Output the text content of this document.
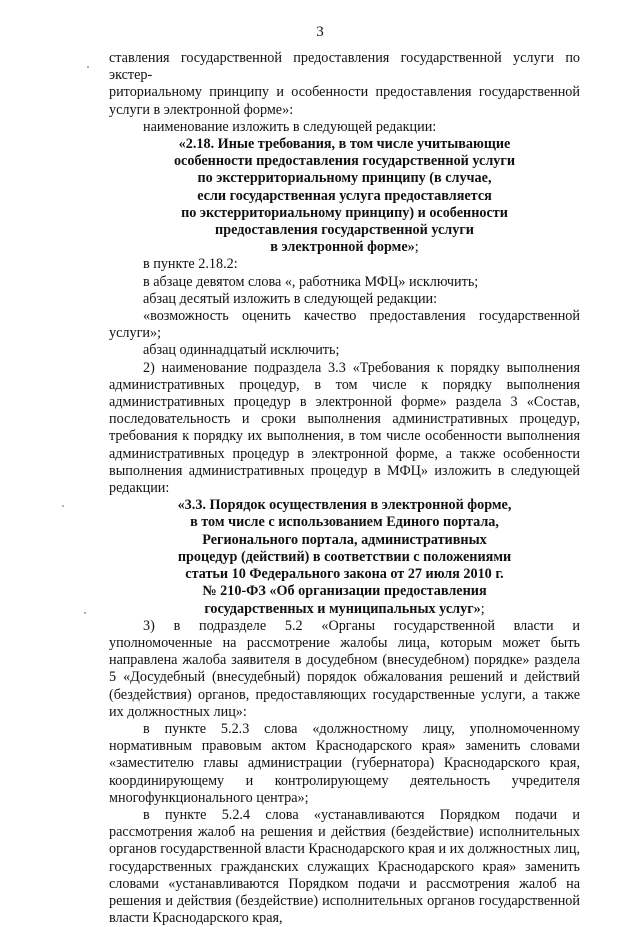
3

ставления государственной предоставления государственной услуги по экстер-
риториальному принципу и особенности предоставления государственной
услуги в электронной форме»:

наименование изложить в следующей редакции:

«2.18. Иные требования, в том числе учитывающие
особенности предоставления государственной услуги
по экстерриториальному принципу (в случае,
если государственная услуга предоставляется
по экстерриториальному принципу) и особенности
предоставления государственной услуги
в электронной форме»;

в пункте 2.18.2:

в абзаце девятом слова «, работника МФЦ» исключить;

абзац десятый изложить в следующей редакции:

«возможность оценить качество предоставления государственной услуги»;

абзац одиннадцатый исключить;

2) наименование подраздела 3.3 «Требования к порядку выполнения административных процедур, в том числе к порядку выполнения административных процедур в электронной форме» раздела 3 «Состав, последовательность и сроки выполнения административных процедур, требования к порядку их выполнения, в том числе особенности выполнения административных процедур в электронной форме, а также особенности выполнения административных процедур в МФЦ» изложить в следующей редакции:

«3.3. Порядок осуществления в электронной форме,
в том числе с использованием Единого портала,
Регионального портала, административных
процедур (действий) в соответствии с положениями
статьи 10 Федерального закона от 27 июля 2010 г.
№ 210-ФЗ «Об организации предоставления
государственных и муниципальных услуг»;

3) в подразделе 5.2 «Органы государственной власти и уполномоченные на рассмотрение жалобы лица, которым может быть направлена жалоба заявителя в досудебном (внесудебном) порядке» раздела 5 «Досудебный (внесудебный) порядок обжалования решений и действий (бездействия) органов, предоставляющих государственные услуги, а также их должностных лиц»:

в пункте 5.2.3 слова «должностному лицу, уполномоченному нормативным правовым актом Краснодарского края» заменить словами «заместителю главы администрации (губернатора) Краснодарского края, координирующему и контролирующему деятельность учредителя многофункционального центра»;

в пункте 5.2.4 слова «устанавливаются Порядком подачи и рассмотрения жалоб на решения и действия (бездействие) исполнительных органов государственной власти Краснодарского края и их должностных лиц, государственных гражданских служащих Краснодарского края» заменить словами «устанавливаются Порядком подачи и рассмотрения жалоб на решения и действия (бездействие) исполнительных органов государственной власти Краснодарского края,
